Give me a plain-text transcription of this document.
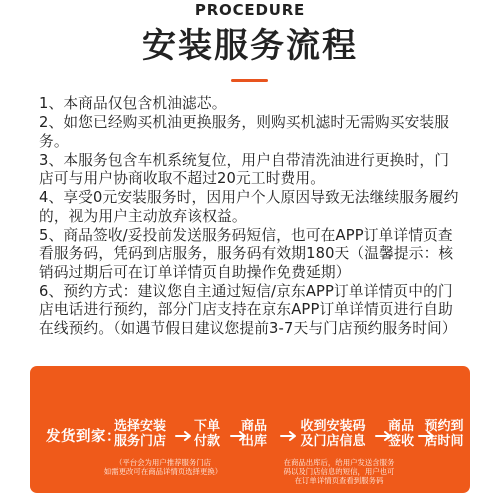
PROCEDURE
安装服务流程
1、本商品仅包含机油滤芯。
2、如您已经购买机油更换服务，则购买机滤时无需购买安装服务。
3、本服务包含车机系统复位，用户自带清洗油进行更换时，门店可与用户协商收取不超过20元工时费用。
4、享受0元安装服务时，因用户个人原因导致无法继续服务履约的，视为用户主动放弃该权益。
5、商品签收/妥投前发送服务码短信，也可在APP订单详情页查看服务码，凭码到店服务，服务码有效期180天（温馨提示：核销码过期后可在订单详情页自助操作免费延期）
6、预约方式：建议您自主通过短信/京东APP订单详情页中的门店电话进行预约，部分门店支持在京东APP订单详情页进行自助在线预约。（如遇节假日建议您提前3-7天与门店预约服务时间）
发货到家：
选择安装
服务门店
下单
付款
商品
出库
收到安装码
及门店信息
商品
签收
预约到
店时间
（平台会为用户推荐服务门店
如需更改可在商品详情页选择更换）
在商品出库后，给用户发送含服务
码以及门店信息的短信，用户也可
在订单详情页查看到服务码
